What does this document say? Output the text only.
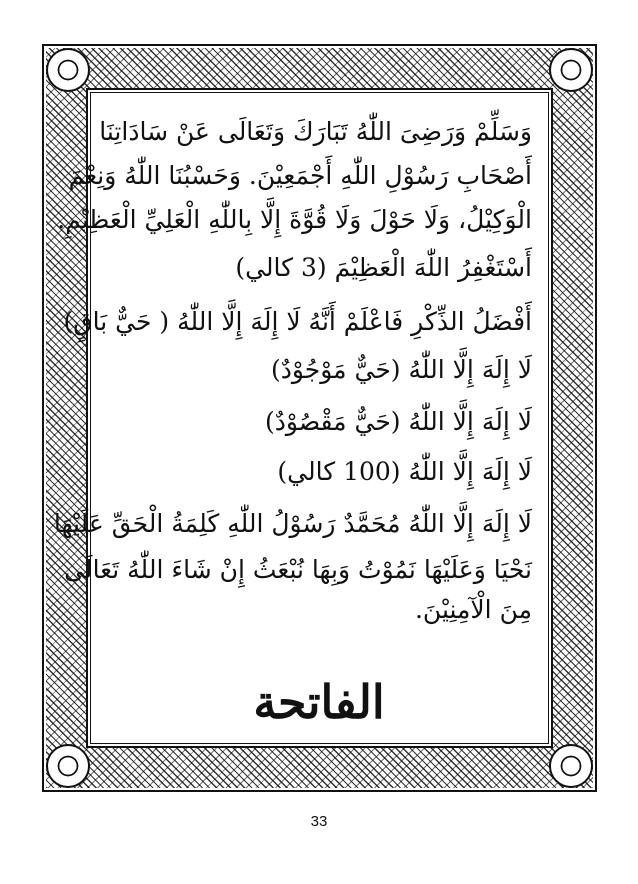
وَسَلِّمْ وَرَضِىَ اللّٰهُ تَبَارَكَ وَتَعَالَى عَنْ سَادَاتِنَا
أَصْحَابِ رَسُوْلِ اللّٰهِ أَجْمَعِيْنَ. وَحَسْبُنَا اللّٰهُ وَنِعْمَ
الْوَكِيْلُ، وَلَا حَوْلَ وَلَا قُوَّةَ إِلَّا بِاللّٰهِ الْعَلِيِّ الْعَظِيْمِ.
أَسْتَغْفِرُ اللّٰهَ الْعَظِيْمَ (3 كالي)
أَفْضَلُ الذِّكْرِ فَاعْلَمْ أَنَّهُ لَا إِلَهَ إِلَّا اللّٰهُ ( حَيٌّ بَاقٍ)
لَا إِلَهَ إِلَّا اللّٰهُ (حَيٌّ مَوْجُوْدٌ)
لَا إِلَهَ إِلَّا اللّٰهُ (حَيٌّ مَقْصُوْدٌ)
لَا إِلَهَ إِلَّا اللّٰهُ (100 كالي)
لَا إِلَهَ إِلَّا اللّٰهُ مُحَمَّدٌ رَسُوْلُ اللّٰهِ كَلِمَةُ الْحَقِّ عَلَيْهَا
نَحْيَا وَعَلَيْهَا نَمُوْتُ وَبِهَا نُبْعَثُ إِنْ شَاءَ اللّٰهُ تَعَالَى
مِنَ الْآمِنِيْنَ.
الفاتحة
33
